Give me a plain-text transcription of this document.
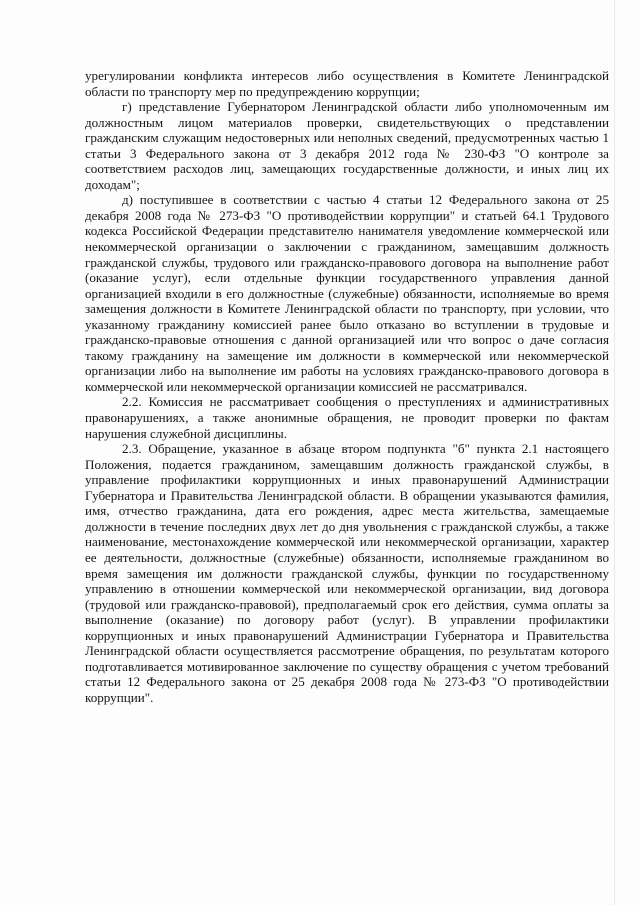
урегулировании конфликта интересов либо осуществления в Комитете Ленинградской области по транспорту мер по предупреждению коррупции;

г) представление Губернатором Ленинградской области либо уполномоченным им должностным лицом материалов проверки, свидетельствующих о представлении гражданским служащим недостоверных или неполных сведений, предусмотренных частью 1 статьи 3 Федерального закона от 3 декабря 2012 года № 230-ФЗ "О контроле за соответствием расходов лиц, замещающих государственные должности, и иных лиц их доходам";

д) поступившее в соответствии с частью 4 статьи 12 Федерального закона от 25 декабря 2008 года № 273-ФЗ "О противодействии коррупции" и статьей 64.1 Трудового кодекса Российской Федерации представителю нанимателя уведомление коммерческой или некоммерческой организации о заключении с гражданином, замещавшим должность гражданской службы, трудового или гражданско-правового договора на выполнение работ (оказание услуг), если отдельные функции государственного управления данной организацией входили в его должностные (служебные) обязанности, исполняемые во время замещения должности в Комитете Ленинградской области по транспорту, при условии, что указанному гражданину комиссией ранее было отказано во вступлении в трудовые и гражданско-правовые отношения с данной организацией или что вопрос о даче согласия такому гражданину на замещение им должности в коммерческой или некоммерческой организации либо на выполнение им работы на условиях гражданско-правового договора в коммерческой или некоммерческой организации комиссией не рассматривался.

2.2. Комиссия не рассматривает сообщения о преступлениях и административных правонарушениях, а также анонимные обращения, не проводит проверки по фактам нарушения служебной дисциплины.

2.3. Обращение, указанное в абзаце втором подпункта "б" пункта 2.1 настоящего Положения, подается гражданином, замещавшим должность гражданской службы, в управление профилактики коррупционных и иных правонарушений Администрации Губернатора и Правительства Ленинградской области. В обращении указываются фамилия, имя, отчество гражданина, дата его рождения, адрес места жительства, замещаемые должности в течение последних двух лет до дня увольнения с гражданской службы, а также наименование, местонахождение коммерческой или некоммерческой организации, характер ее деятельности, должностные (служебные) обязанности, исполняемые гражданином во время замещения им должности гражданской службы, функции по государственному управлению в отношении коммерческой или некоммерческой организации, вид договора (трудовой или гражданско-правовой), предполагаемый срок его действия, сумма оплаты за выполнение (оказание) по договору работ (услуг). В управлении профилактики коррупционных и иных правонарушений Администрации Губернатора и Правительства Ленинградской области осуществляется рассмотрение обращения, по результатам которого подготавливается мотивированное заключение по существу обращения с учетом требований статьи 12 Федерального закона от 25 декабря 2008 года № 273-ФЗ "О противодействии коррупции".
